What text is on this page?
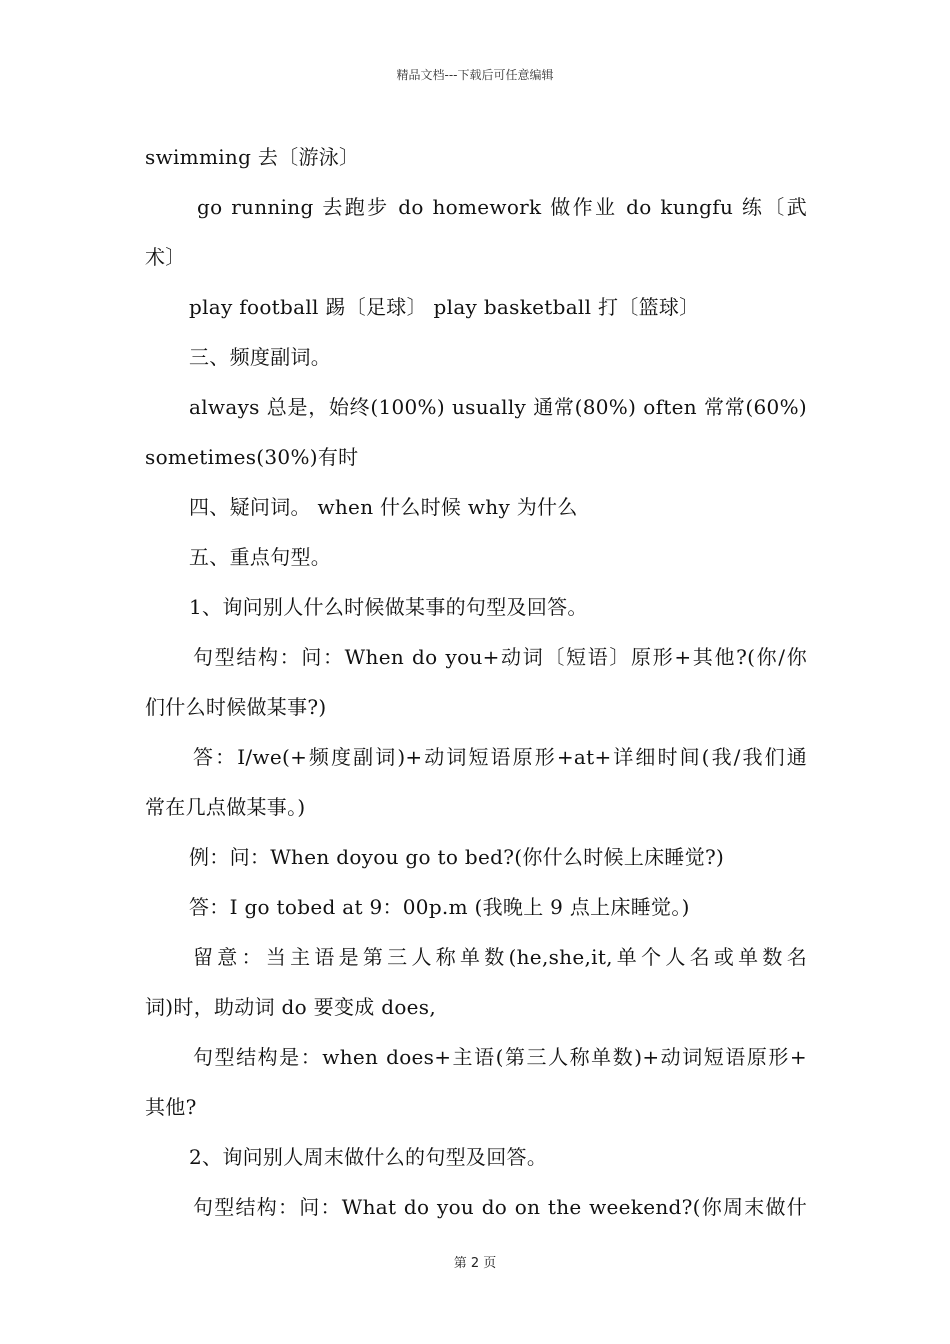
精品文档---下载后可任意编辑
swimming 去〔游泳〕
go running 去跑步 do homework 做作业 do kungfu 练〔武
术〕
play football 踢〔足球〕 play basketball 打〔篮球〕
三、频度副词。
always 总是，始终(100%) usually 通常(80%) often 常常(60%)
sometimes(30%)有时
四、疑问词。 when 什么时候 why 为什么
五、重点句型。
1、询问别人什么时候做某事的句型及回答。
句型结构：问：When do you+动词〔短语〕原形+其他?(你/你
们什么时候做某事?)
答：I/we(+频度副词)+动词短语原形+at+详细时间(我/我们通
常在几点做某事。)
例：问：When doyou go to bed?(你什么时候上床睡觉?)
答：I go tobed at 9：00p.m (我晚上 9 点上床睡觉。)
留意：当主语是第三人称单数(he,she,it,单个人名或单数名
词)时，助动词 do 要变成 does,
句型结构是：when does+主语(第三人称单数)+动词短语原形+
其他?
2、询问别人周末做什么的句型及回答。
句型结构：问：What do you do on the weekend?(你周末做什
第 2 页
